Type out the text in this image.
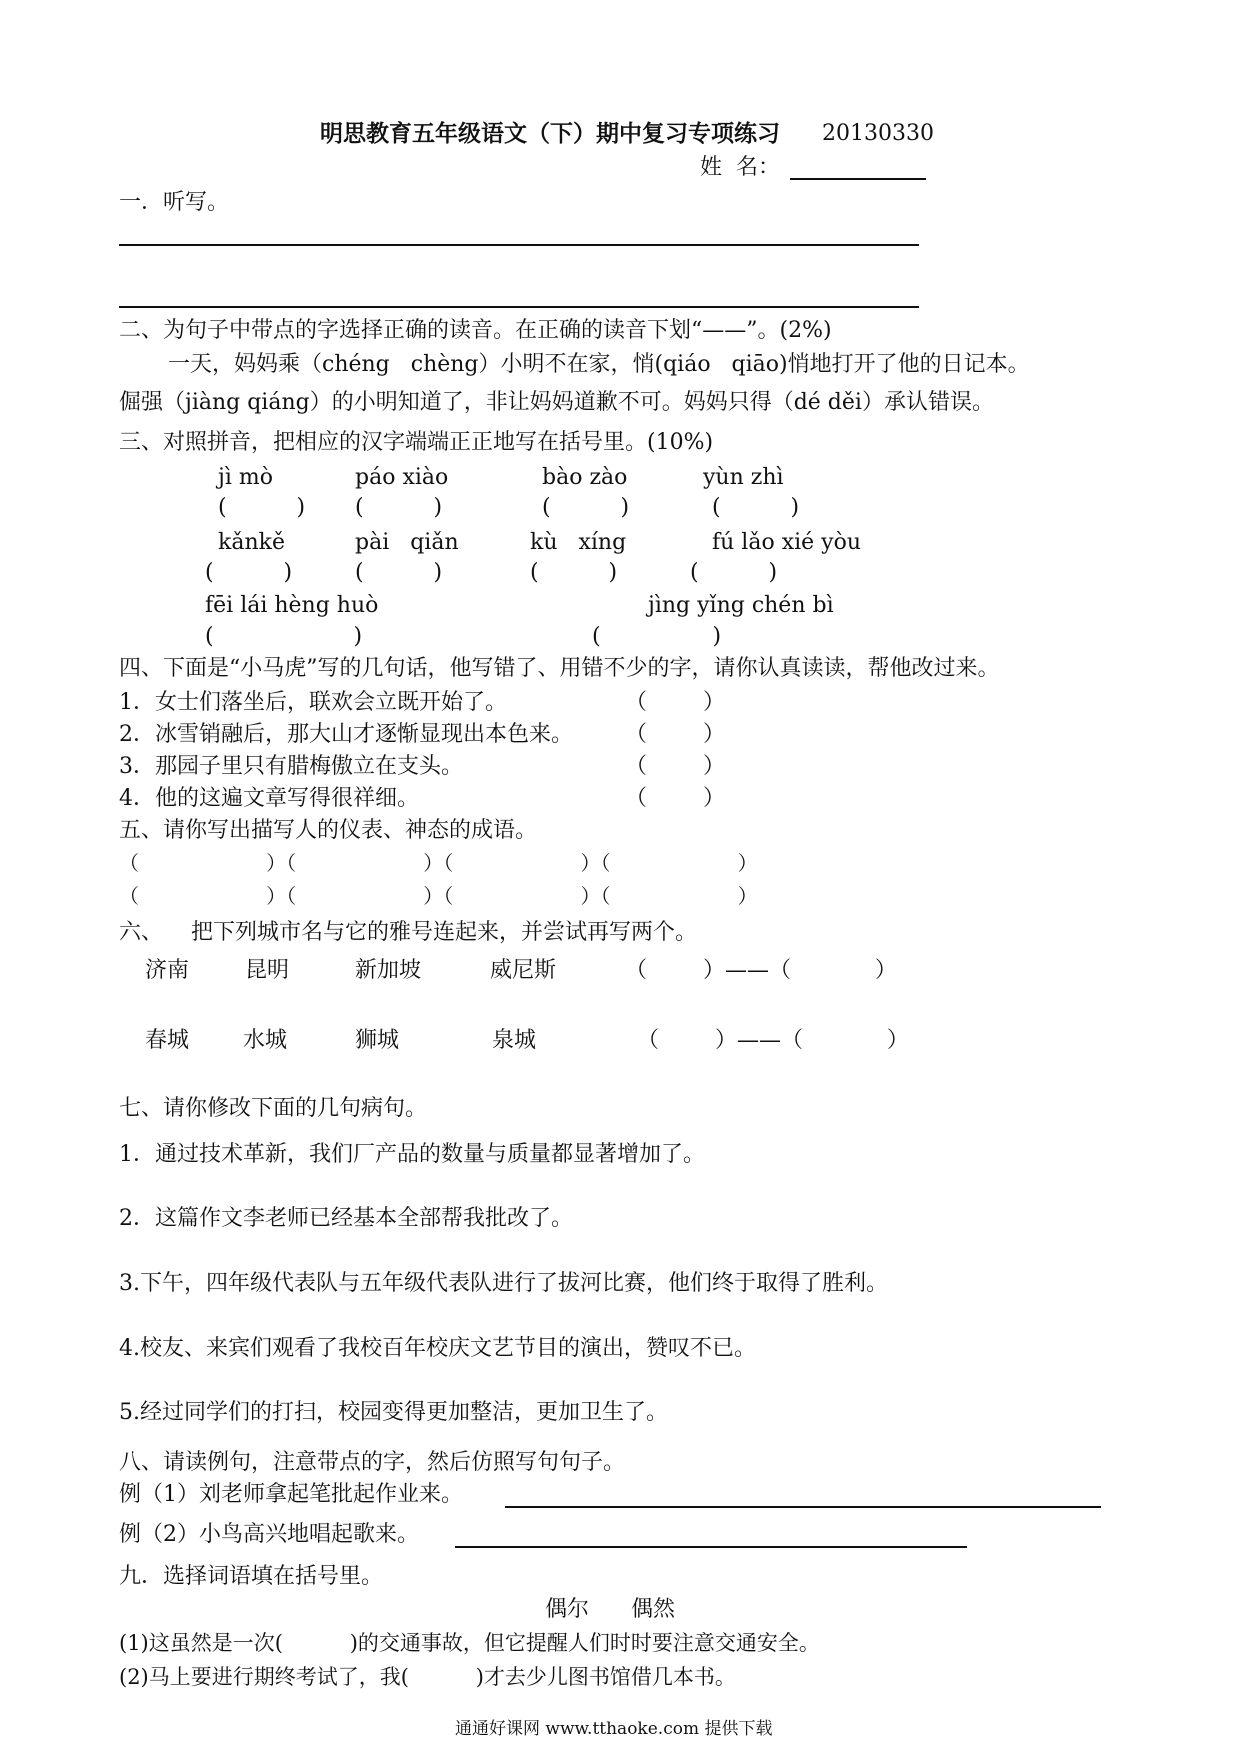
明思教育五年级语文（下）期中复习专项练习 20130330
姓  名：
一．听写。
二、为句子中带点的字选择正确的读音。在正确的读音下划“——”。(2%)
一天，妈妈乘（chéng   chèng）小明不在家，悄(qiáo   qiāo)悄地打开了他的日记本。
倔强（jiàng qiáng）的小明知道了，非让妈妈道歉不可。妈妈只得（dé děi）承认错误。
三、对照拼音，把相应的汉字端端正正地写在括号里。(10%)
jì mò	páo xiào	bào zào	yùn zhì
(          ) (          )	(          )	(          )
kǎnkě	pài   qiǎn	kù   xíng	fú lǎo xié yòu
(          )	(          )	(          )	(          )
fēi lái hèng huò	jìng yǐng chén bì
(                    )	(                )
四、下面是“小马虎”写的几句话，他写错了、用错不少的字，请你认真读读，帮他改过来。
1．女士们落坐后，联欢会立既开始了。	（        ）
2．冰雪销融后，那大山才逐惭显现出本色来。 （        ）
3．那园子里只有腊梅傲立在支头。	（        ）
4．他的这遍文章写得很祥细。	（        ）
五、请你写出描写人的仪表、神态的成语。
（                    ）（                    ）（                    ）（                    ）
（                    ）（                    ）（                    ）（                    ）
六、    把下列城市名与它的雅号连起来，并尝试再写两个。
济南	昆明	新加坡	威尼斯	（        ）——（            ）
春城 水城	狮城	泉城	（        ）——（            ）
七、请你修改下面的几句病句。
1．通过技术革新，我们厂产品的数量与质量都显著增加了。
2．这篇作文李老师已经基本全部帮我批改了。
3.下午，四年级代表队与五年级代表队进行了拔河比赛，他们终于取得了胜利。
4.校友、来宾们观看了我校百年校庆文艺节目的演出，赞叹不已。
5.经过同学们的打扫，校园变得更加整洁，更加卫生了。
八、请读例句，注意带点的字，然后仿照写句句子。
例（1）刘老师拿起笔批起作业来。
例（2）小鸟高兴地唱起歌来。
九．选择词语填在括号里。
偶尔      偶然
(1)这虽然是一次(          )的交通事故，但它提醒人们时时要注意交通安全。
(2)马上要进行期终考试了，我(          )才去少儿图书馆借几本书。
通通好课网 www.tthaoke.com 提供下载
